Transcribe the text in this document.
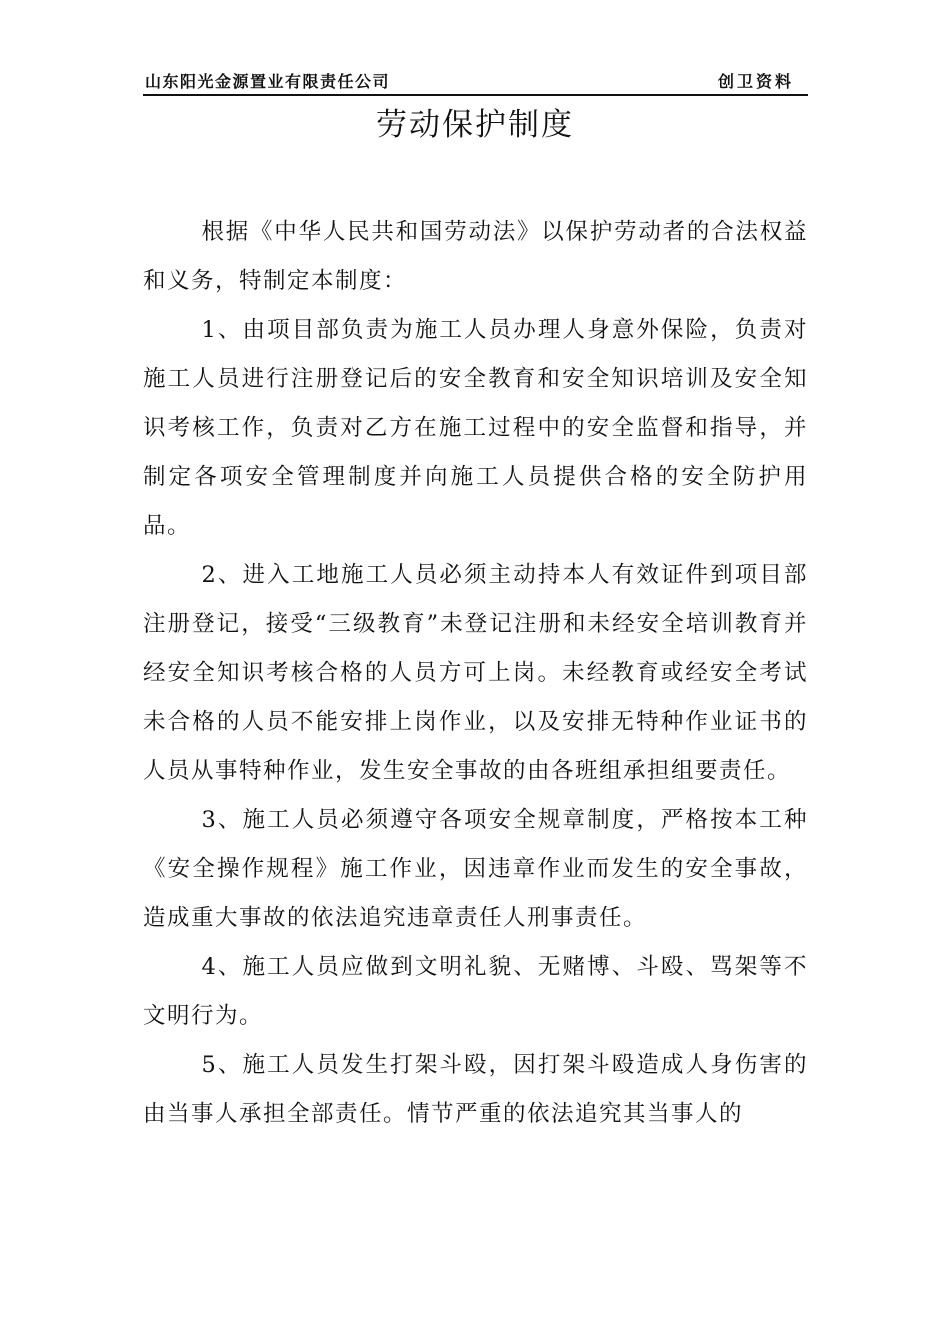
山东阳光金源置业有限责任公司	创卫资料
劳动保护制度

根据《中华人民共和国劳动法》以保护劳动者的合法权益和义务，特制定本制度：

1、由项目部负责为施工人员办理人身意外保险，负责对施工人员进行注册登记后的安全教育和安全知识培训及安全知识考核工作，负责对乙方在施工过程中的安全监督和指导，并制定各项安全管理制度并向施工人员提供合格的安全防护用品。

2、进入工地施工人员必须主动持本人有效证件到项目部注册登记，接受“三级教育”未登记注册和未经安全培训教育并经安全知识考核合格的人员方可上岗。未经教育或经安全考试未合格的人员不能安排上岗作业，以及安排无特种作业证书的人员从事特种作业，发生安全事故的由各班组承担组要责任。

3、施工人员必须遵守各项安全规章制度，严格按本工种《安全操作规程》施工作业，因违章作业而发生的安全事故，造成重大事故的依法追究违章责任人刑事责任。

4、施工人员应做到文明礼貌、无赌博、斗殴、骂架等不文明行为。

5、施工人员发生打架斗殴，因打架斗殴造成人身伤害的由当事人承担全部责任。情节严重的依法追究其当事人的
